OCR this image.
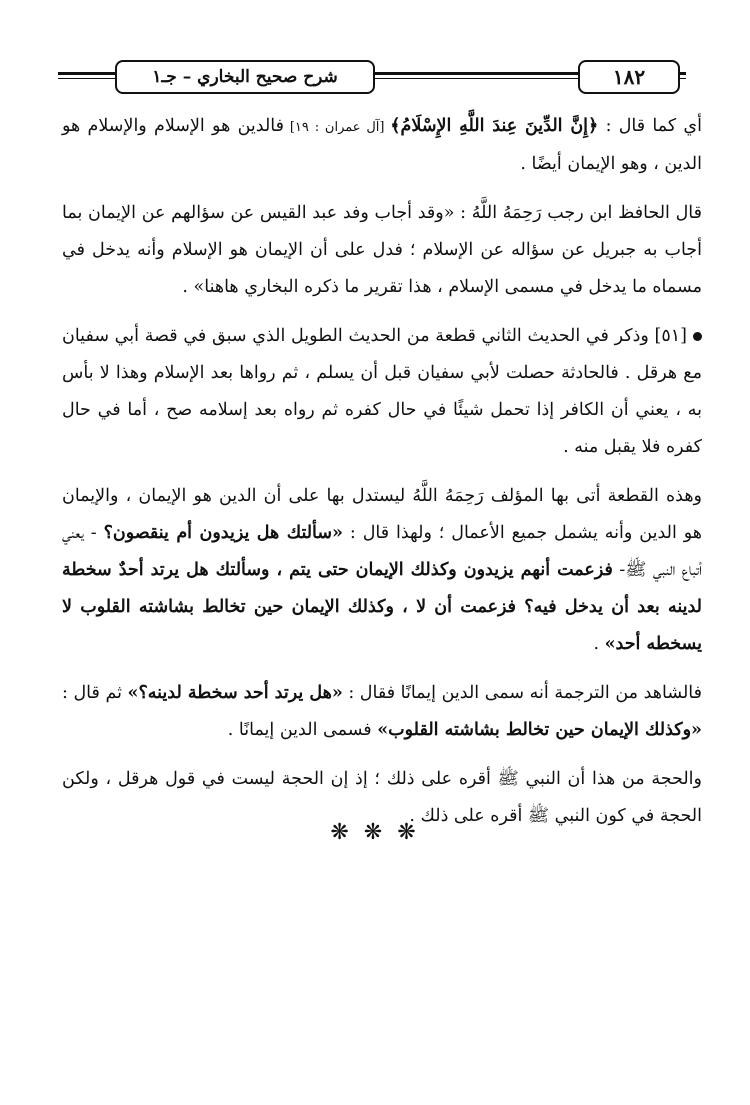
١٨٢
شرح صحيح البخاري – جـ١

أي كما قال : ﴿إِنَّ الدِّينَ عِندَ اللَّهِ الإِسْلَامُ﴾ [آل عمران : ١٩] فالدين هو الإسلام والإسلام هو الدين ، وهو الإيمان أيضًا .

قال الحافظ ابن رجب رَحِمَهُ اللَّهُ : «وقد أجاب وفد عبد القيس عن سؤالهم عن الإيمان بما أجاب به جبريل عن سؤاله عن الإسلام ؛ فدل على أن الإيمان هو الإسلام وأنه يدخل في مسماه ما يدخل في مسمى الإسلام ، هذا تقرير ما ذكره البخاري هاهنا» .

[٥١] وذكر في الحديث الثاني قطعة من الحديث الطويل الذي سبق في قصة أبي سفيان مع هرقل . فالحادثة حصلت لأبي سفيان قبل أن يسلم ، ثم رواها بعد الإسلام وهذا لا بأس به ، يعني أن الكافر إذا تحمل شيئًا في حال كفره ثم رواه بعد إسلامه صح ، أما في حال كفره فلا يقبل منه .

وهذه القطعة أتى بها المؤلف رَحِمَهُ اللَّهُ ليستدل بها على أن الدين هو الإيمان ، والإيمان هو الدين وأنه يشمل جميع الأعمال ؛ ولهذا قال : «سألتك هل يزيدون أم ينقصون؟ - يعني أتباع النبي ﷺ- فزعمت أنهم يزيدون وكذلك الإيمان حتى يتم ، وسألتك هل يرتد أحدٌ سخطة لدينه بعد أن يدخل فيه؟ فزعمت أن لا ، وكذلك الإيمان حين تخالط بشاشته القلوب لا يسخطه أحد» .

فالشاهد من الترجمة أنه سمى الدين إيمانًا فقال : «هل يرتد أحد سخطة لدينه؟» ثم قال : «وكذلك الإيمان حين تخالط بشاشته القلوب» فسمى الدين إيمانًا .

والحجة من هذا أن النبي ﷺ أقره على ذلك ؛ إذ إن الحجة ليست في قول هرقل ، ولكن الحجة في كون النبي ﷺ أقره على ذلك .

❋ ❋ ❋
